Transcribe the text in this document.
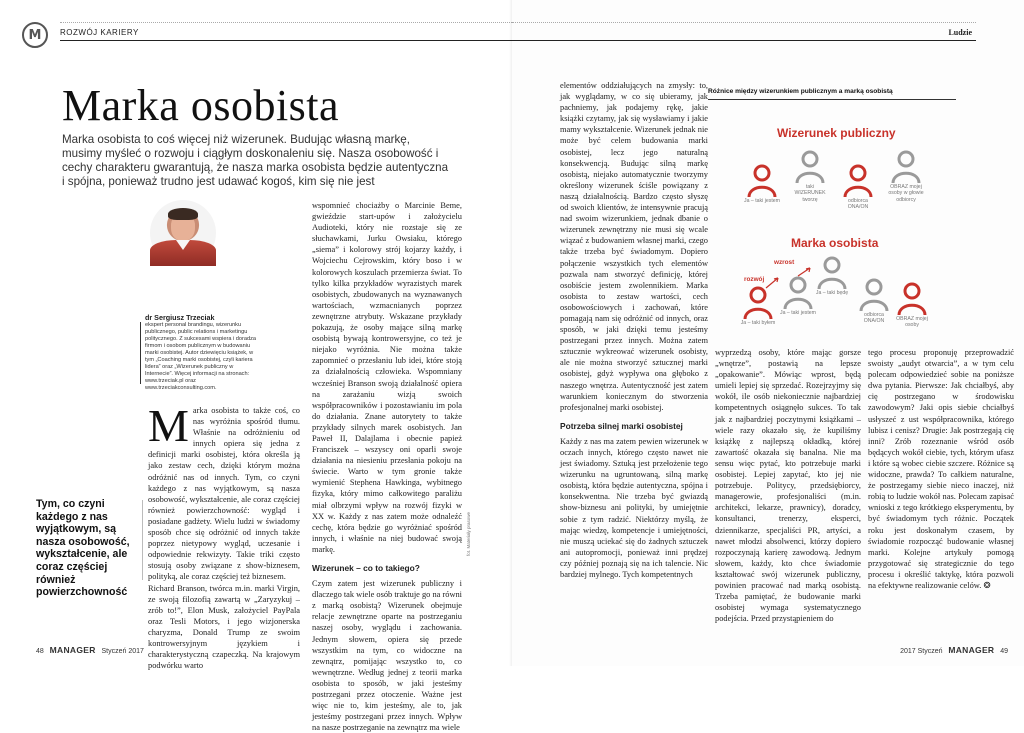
M ROZWÓJ KARIERY
Marka osobista

Marka osobista to coś więcej niż wizerunek. Budując własną markę, musimy myśleć o rozwoju i ciągłym doskonaleniu się. Nasza osobowość i cechy charakteru gwarantują, że nasza marka osobista będzie autentyczna i spójna, ponieważ trudno jest udawać kogoś, kim się nie jest

dr Sergiusz Trzeciak
ekspert personal brandingu, wizerunku publicznego, public relations i marketingu politycznego. Z sukcesami wspiera i doradza firmom i osobom publicznym w budowaniu marki osobistej. Autor dziewięciu książek, w tym „Coaching marki osobistej, czyli kariera lidera” oraz „Wizerunek publiczny w Internecie”. Więcej informacji na stronach: www.trzeciak.pl oraz www.trzeciakconsulting.com.
Tym, co czyni każdego z nas wyjątkowym, są nasza osobowość, wykształcenie, ale coraz częściej również powierzchowność
Marka osobista to także coś, co nas wyróżnia spośród tłumu. Właśnie na odróżnieniu od innych opiera się jedna z definicji marki osobistej, która określa ją jako zestaw cech, dzięki którym można odróżnić nas od innych. Tym, co czyni każdego z nas wyjątkowym, są nasza osobowość, wykształcenie, ale coraz częściej również powierzchowność: wygląd i posiadane gadżety. Wielu ludzi w świadomy sposób chce się odróżnić od innych także poprzez nietypowy wygląd, uczesanie i odpowiednie rekwizyty. Takie triki często stosują osoby związane z show-biznesem, polityką, ale coraz częściej też biznesem.
Richard Branson, twórca m.in. marki Virgin, ze swoją filozofią zawartą w „Zaryzykuj – zrób to!”, Elon Musk, założyciel PayPala oraz Tesli Motors, i jego wizjonerska charyzma, Donald Trump ze swoim kontrowersyjnym językiem i charakterystyczną czapeczką. Na krajowym podwórku warto
wspomnieć chociażby o Marcinie Beme, gwieździe start-upów i założycielu Audioteki, który nie rozstaje się ze słuchawkami, Jurku Owsiaku, którego „siema” i kolorowy strój kojarzy każdy, i Wojciechu Cejrowskim, który boso i w kolorowych koszulach przemierza świat. To tylko kilka przykładów wyrazistych marek osobistych, zbudowanych na wyznawanych wartościach, wzmacnianych poprzez zewnętrzne atrybuty. Wskazane przykłady pokazują, że osoby mające silną markę osobistą bywają kontrowersyjne, co też je niejako wyróżnia. Nie można także zapomnieć o przesłaniu lub idei, które stoją za działalnością człowieka. Wspomniany wcześniej Branson swoją działalność opiera na zarażaniu wizją swoich współpracowników i pozostawianiu im pola do działania. Znane autorytety to także przykłady silnych marek osobistych. Jan Paweł II, Dalajlama i obecnie papież Franciszek – wszyscy oni oparli swoje działania na niesieniu przesłania pokoju na świecie. Warto w tym gronie także wymienić Stephena Hawkinga, wybitnego fizyka, który mimo całkowitego paraliżu miał olbrzymi wpływ na rozwój fizyki w XX w. Każdy z nas zatem może odnaleźć cechę, która będzie go wyróżniać spośród innych, i właśnie na niej budować swoją markę.
Wizerunek – co to takiego?
Czym zatem jest wizerunek publiczny i dlaczego tak wiele osób traktuje go na równi z marką osobistą? Wizerunek obejmuje relacje zewnętrzne oparte na postrzeganiu naszej osoby, wyglądu i zachowania. Jednym słowem, opiera się przede wszystkim na tym, co widoczne na zewnątrz, pomijając wszystko to, co wewnętrzne. Według jednej z teorii marka osobista to sposób, w jaki jesteśmy postrzegani przez otoczenie. Ważne jest więc nie to, kim jesteśmy, ale to, jak jesteśmy postrzegani przez innych. Wpływ na nasze postrzeganie na zewnątrz ma wiele
fot. Materiały prasowe
48 MANAGER Styczeń 2017
Ludzie
elementów oddziałujących na zmysły: to, jak wyglądamy, w co się ubieramy, jak pachniemy, jak podajemy rękę, jakie książki czytamy, jak się wysławiamy i jakie mamy wykształcenie. Wizerunek jednak nie może być celem budowania marki osobistej, lecz jego naturalną konsekwencją. Budując silną markę osobistą, niejako automatycznie tworzymy określony wizerunek ściśle powiązany z naszą działalnością. Bardzo często słyszę od swoich klientów, że intensywnie pracują nad swoim wizerunkiem, jednak dbanie o wizerunek zewnętrzny nie musi się wcale wiązać z budowaniem własnej marki, czego także trzeba być świadomym. Dopiero połączenie wszystkich tych elementów pozwala nam stworzyć definicję, której osobiście jestem zwolennikiem. Marka osobista to zestaw wartości, cech osobowościowych i zachowań, które pomagają nam się odróżnić od innych, oraz sposób, w jaki dzięki temu jesteśmy postrzegani przez innych. Można zatem sztucznie wykreować wizerunek osobisty, ale nie można stworzyć sztucznej marki osobistej, gdyż wypływa ona głęboko z naszego wnętrza. Autentyczność jest zatem warunkiem koniecznym do stworzenia profesjonalnej marki osobistej.
Potrzeba silnej marki osobistej
Każdy z nas ma zatem pewien wizerunek w oczach innych, którego często nawet nie jest świadomy. Sztuką jest przełożenie tego wizerunku na ugruntowaną, silną markę osobistą, która będzie autentyczna, spójna i konsekwentna. Nie trzeba być gwiazdą show-biznesu ani polityki, by umiejętnie sobie z tym radzić. Niektórzy myślą, że mając wiedzę, kompetencje i umiejętności, nie muszą uciekać się do żadnych sztuczek ani autopromocji, ponieważ inni prędzej czy później poznają się na ich talencie. Nic bardziej mylnego. Tych kompetentnych
wyprzedzą osoby, które mając gorsze „wnętrze”, postawią na lepsze „opakowanie”. Mówiąc wprost, będą umieli lepiej się sprzedać. Rozejrzyjmy się wokół, ile osób niekoniecznie najbardziej kompetentnych osiągnęło sukces. To tak jak z najbardziej poczytnymi książkami – wiele razy okazało się, że kupiliśmy książkę z najlepszą okładką, której zawartość okazała się banalna. Nie ma sensu więc pytać, kto potrzebuje marki osobistej. Lepiej zapytać, kto jej nie potrzebuje. Politycy, przedsiębiorcy, managerowie, profesjonaliści (m.in. architekci, lekarze, prawnicy), doradcy, konsultanci, trenerzy, eksperci, dziennikarze, specjaliści PR, artyści, a nawet młodzi absolwenci, którzy dopiero rozpoczynają karierę zawodową. Jednym słowem, każdy, kto chce świadomie kształtować swój wizerunek publiczny, powinien pracować nad marką osobistą. Trzeba pamiętać, że budowanie marki osobistej wymaga systematycznego podejścia. Przed przystąpieniem do
tego procesu proponuję przeprowadzić swoisty „audyt otwarcia”, a w tym celu polecam odpowiedzieć sobie na poniższe dwa pytania. Pierwsze: Jak chciałbyś, aby cię postrzegano w środowisku zawodowym? Jaki opis siebie chciałbyś usłyszeć z ust współpracownika, którego lubisz i cenisz? Drugie: Jak postrzegają cię inni? Zrób rozeznanie wśród osób będących wokół ciebie, tych, którym ufasz i które są wobec ciebie szczere. Różnice są widoczne, prawda? To całkiem naturalne, że postrzegamy siebie nieco inaczej, niż robią to ludzie wokół nas. Polecam zapisać wnioski z tego krótkiego eksperymentu, by być świadomym tych różnic. Początek roku jest doskonałym czasem, by świadomie rozpocząć budowanie własnej marki. Kolejne artykuły pomogą przygotować się strategicznie do tego procesu i określić taktykę, która pozwoli na efektywne realizowanie celów. ❂
Różnice między wizerunkiem publicznym a marką osobistą
Wizerunek publiczny
Marka osobista
Ja – taki jestem
taki WIZERUNEK tworzę	odbiorca ONA/ON
OBRAZ mojej osoby w głowie odbiorcy
Ja – taki byłem
Ja – taki jestem
Ja – taki będę
odbiorca ONA/ON	OBRAZ mojej osoby
rozwój
wzrost
2017 Styczeń MANAGER 49
